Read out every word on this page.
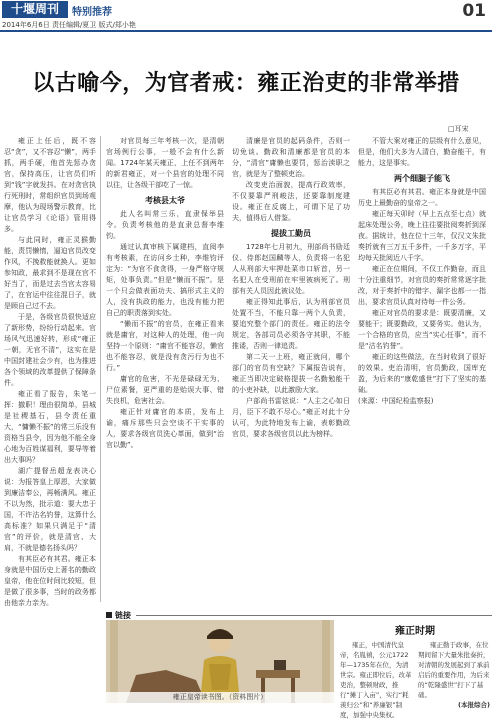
十堰周刊	特别推荐
2014年6月6日 责任编辑/夏卫 版式/郑小艳
01
以古喻今，为官者戒：雍正治吏的非常举措
□耳宋

雍正上任后，既不容忍“贪”，又不容忍“懒”，两手抓，两手硬，他首先惩办贪官，保持高压，让官员们听到“钱”字就发抖。在对贪官执行死刑时，常组织官员到场观摩，他认为现场警示教育，比让官员学习《论语》管用得多。

与此同时，雍正灵猴勤能，责罚懒惰，逼迫官员改变作风，不挽救能就换人。更如参知政，最求到不是现在官不好当了，而是过去当官太容易了，在官运中往往混日子，就是顾自己过不去。

于是，各级官员很快适应了新形势，纷纷行动起来。官场风气迅速好转，形成“雍正一朝，无官不清”，这实在是中国封建社会少有，也为推进各个领域的改革提供了保障条件。

雍正看了报告，朱笔一挥：撤职！理由很简单，县城是社稷基石，县令责任重大，“慵懒不振”的常三乐没有资格当县令，因为他不能全身心地为百姓谋福利，要导等着出大事吗？

湖广提督岳超龙表决心说：为报答皇上厚恩，大家做到廉洁奉公，再畅满风。雍正不以为然，批示道：要大忠于国，不许沽名钓誉，这算什么高标准？如果只满足于“清官”的评价，就是清官、大肩，不就是德名扬头吗？

有其臣必有其君。雍正本身就是中国历史上著名的勤政皇帝，他在位时间比较短，但是做了很多事，当时的政务都由他亲力亲为。

对官员每三年考核一次，是清朝官场例行公事，一般不会有什么新闻。1724年某天雍正，上任不到两年的新君雍正，对一个县官的处理不同以往，让各级干部吃了一惊。

考核县太爷

此人名叫常三乐，直隶保举县令。负责考核他的是直隶总督李维钧。

通过认真审核下属建档，直阅李有考核素，在访问乡土种，李维钧评定为：“为官不食贪得，一身严格守规矩，处事负责。”但是“懒而不振”。是一个只会做表面功夫、搞形式主义的人，没有执政的能力，也没有能力把自己的职责落到实处。

“懒而不振”的官员，在雍正看来就是庸官，对这种人的处理，他一向坚持一个原则：“庸官不能容忍，懒官也不能容忍，就是没有贪污行为也不行。”

庸官的危害，不光是碌碌无为、尸位素餐，更严重的是贻误大事、错失良机，危害社会。

雍正针对庸官的本质，发布上谕，痛斥那些只会空谈不干实事的人，要求各级官员洗心革面，做到“治官以勤”。

清廉是官员的起码条件，否则一切免谈。勤政和清廉都是官员的本分，“清官”庸懒也要罚，惩治渎职之官，就是为了整顿吏治。

改变吏治面貌，提高行政效率，不仅要靠严刑峻法，还要靠制度建设。雍正在反腐上，可谓下足了功夫，值得后人借鉴。

提拔工勤员

1728年七月初九，刑部尚书励廷仪、侍郎赵国麟等人，负责将一名犯人从刑部大牢押赴菜市口斩首，另一名犯人在受刑前在牢里被病死了。刑部有关人员因此被议处。

雍正得知此事后，认为刑部官员处置不当，不能只靠一两个人负责，要追究整个部门的责任。雍正的法令规定，各部司员必须各守其职，不能推诿，否则一律追责。

第二天一上班，雍正就问，哪个部门的官员有空缺？下属报告说有，雍正当即决定破格提拔一名勤勉能干的小吏补缺，以此激励大家。

户部尚书雷铉说：“人主之心如日月，臣下不敢不尽心。”雍正对此十分认可，为此特地发布上谕，表彰勤政官员，要求各级官员以此为榜样。

不管大案对雍正的层级有什么意见，但是，他们大多为人清白，勤奋能干，有能力，这是事实。

两个细腿子能飞

有其臣必有其君。雍正本身就是中国历史上最勤奋的皇帝之一。

雍正每天卯时（早上五点至七点）就起床处理公务，晚上往往要批阅奏折到深夜。据统计，他在位十三年，仅汉文朱批奏折就有三万五千多件，一千多万字，平均每天批阅近八千字。

雍正在位期间，不仅工作勤奋，而且十分注重细节，对官员的奏折常常逐字批改，对于奏折中的错字、漏字也都一一指出，要求官员认真对待每一件公务。

雍正对官员的要求是：既要清廉，又要能干；既要勤政，又要务实。他认为，一个合格的官员，应当“实心任事”，而不是“沽名钓誉”。

雍正的这些做法，在当时收到了很好的效果。吏治清明，官员勤政，国库充盈，为后来的“康乾盛世”打下了坚实的基础。

(来源：中国纪检监察报)

链接
雍正皇帝读书图。（资料图片）
雍正时期

雍正，中国清代皇帝，名胤禛，公元1722年—1735年在位，为清世宗。雍正即位后，改革吏治，整顿财政，推行“摊丁入亩”，实行“耗羡归公”和“养廉银”制度，加强中央集权。

雍正勤于政事，在位期间留下大量朱批奏折，对清朝的发展起到了承前启后的重要作用，为后来的“乾隆盛世”打下了基础。

(本报综合)
